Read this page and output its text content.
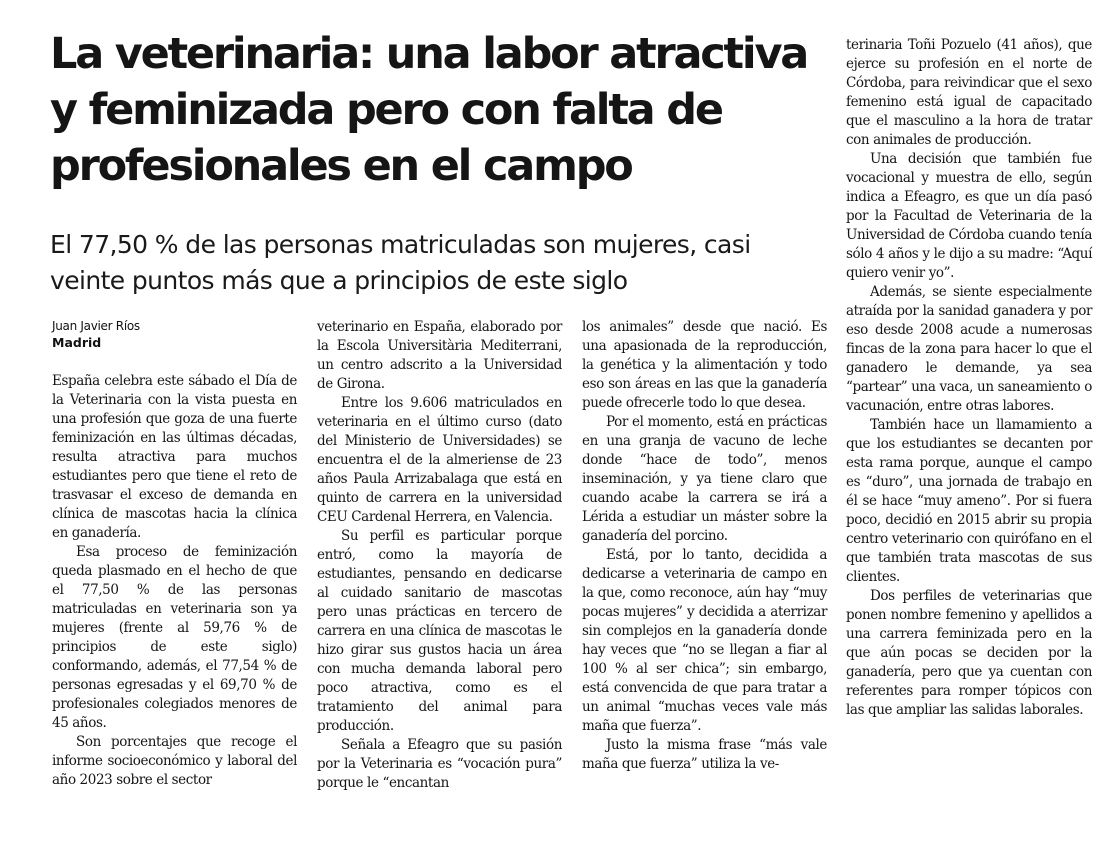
La veterinaria: una labor atractiva y feminizada pero con falta de profesionales en el campo
El 77,50 % de las personas matriculadas son mujeres, casi veinte puntos más que a principios de este siglo
Juan Javier Ríos
Madrid

España celebra este sábado el Día de la Veterinaria con la vista puesta en una profesión que goza de una fuerte feminización en las últimas décadas, resulta atractiva para muchos estudiantes pero que tiene el reto de trasvasar el exceso de demanda en clínica de mascotas hacia la clínica en ganadería.

Esa proceso de feminización queda plasmado en el hecho de que el 77,50 % de las personas matriculadas en veterinaria son ya mujeres (frente al 59,76 % de principios de este siglo) conformando, además, el 77,54 % de personas egresadas y el 69,70 % de profesionales colegiados menores de 45 años.

Son porcentajes que recoge el informe socioeconómico y laboral del año 2023 sobre el sector

veterinario en España, elaborado por la Escola Universitària Mediterrani, un centro adscrito a la Universidad de Girona.

Entre los 9.606 matriculados en veterinaria en el último curso (dato del Ministerio de Universidades) se encuentra el de la almeriense de 23 años Paula Arrizabalaga que está en quinto de carrera en la universidad CEU Cardenal Herrera, en Valencia.

Su perfil es particular porque entró, como la mayoría de estudiantes, pensando en dedicarse al cuidado sanitario de mascotas pero unas prácticas en tercero de carrera en una clínica de mascotas le hizo girar sus gustos hacia un área con mucha demanda laboral pero poco atractiva, como es el tratamiento del animal para producción.

Señala a Efeagro que su pasión por la Veterinaria es “vocación pura” porque le “encantan

los animales” desde que nació. Es una apasionada de la reproducción, la genética y la alimentación y todo eso son áreas en las que la ganadería puede ofrecerle todo lo que desea.

Por el momento, está en prácticas en una granja de vacuno de leche donde “hace de todo”, menos inseminación, y ya tiene claro que cuando acabe la carrera se irá a Lérida a estudiar un máster sobre la ganadería del porcino.

Está, por lo tanto, decidida a dedicarse a veterinaria de campo en la que, como reconoce, aún hay “muy pocas mujeres” y decidida a aterrizar sin complejos en la ganadería donde hay veces que “no se llegan a fiar al 100 % al ser chica”; sin embargo, está convencida de que para tratar a un animal “muchas veces vale más maña que fuerza”.

Justo la misma frase “más vale maña que fuerza” utiliza la ve-

terinaria Toñi Pozuelo (41 años), que ejerce su profesión en el norte de Córdoba, para reivindicar que el sexo femenino está igual de capacitado que el masculino a la hora de tratar con animales de producción.

Una decisión que también fue vocacional y muestra de ello, según indica a Efeagro, es que un día pasó por la Facultad de Veterinaria de la Universidad de Córdoba cuando tenía sólo 4 años y le dijo a su madre: “Aquí quiero venir yo”.

Además, se siente especialmente atraída por la sanidad ganadera y por eso desde 2008 acude a numerosas fincas de la zona para hacer lo que el ganadero le demande, ya sea “partear” una vaca, un saneamiento o vacunación, entre otras labores.

También hace un llamamiento a que los estudiantes se decanten por esta rama porque, aunque el campo es “duro”, una jornada de trabajo en él se hace “muy ameno”. Por si fuera poco, decidió en 2015 abrir su propia centro veterinario con quirófano en el que también trata mascotas de sus clientes.

Dos perfiles de veterinarias que ponen nombre femenino y apellidos a una carrera feminizada pero en la que aún pocas se deciden por la ganadería, pero que ya cuentan con referentes para romper tópicos con las que ampliar las salidas laborales.
